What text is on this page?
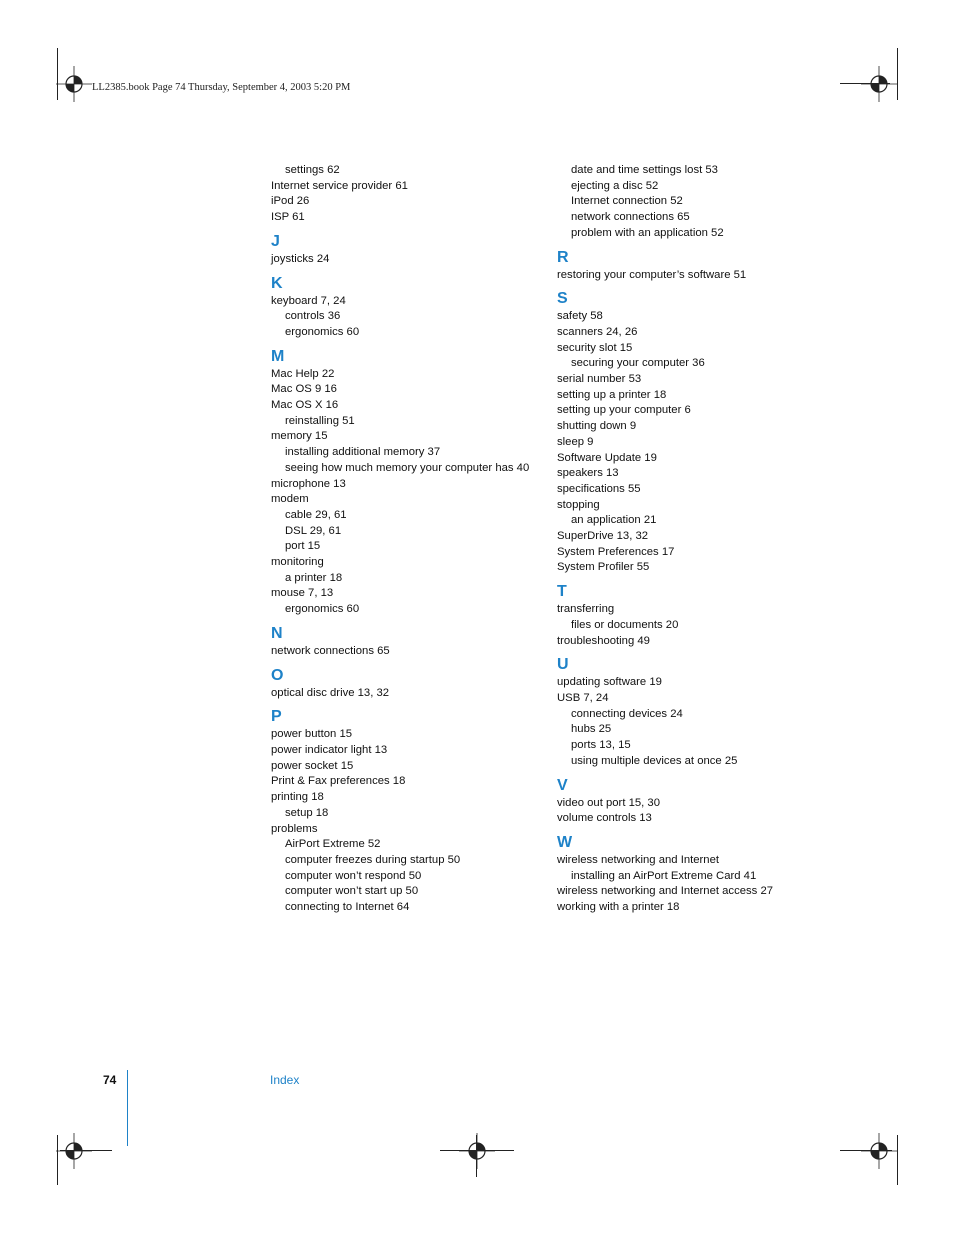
LL2385.book Page 74 Thursday, September 4, 2003 5:20 PM
settings 62
Internet service provider 61
iPod 26
ISP 61
J
joysticks 24
K
keyboard 7, 24
controls 36
ergonomics 60
M
Mac Help 22
Mac OS 9 16
Mac OS X 16
reinstalling 51
memory 15
installing additional memory 37
seeing how much memory your computer has 40
microphone 13
modem
cable 29, 61
DSL 29, 61
port 15
monitoring
a printer 18
mouse 7, 13
ergonomics 60
N
network connections 65
O
optical disc drive 13, 32
P
power button 15
power indicator light 13
power socket 15
Print & Fax preferences 18
printing 18
setup 18
problems
AirPort Extreme 52
computer freezes during startup 50
computer won’t respond 50
computer won’t start up 50
connecting to Internet 64
date and time settings lost 53
ejecting a disc 52
Internet connection 52
network connections 65
problem with an application 52
R
restoring your computer’s software 51
S
safety 58
scanners 24, 26
security slot 15
securing your computer 36
serial number 53
setting up a printer 18
setting up your computer 6
shutting down 9
sleep 9
Software Update 19
speakers 13
specifications 55
stopping
an application 21
SuperDrive 13, 32
System Preferences 17
System Profiler 55
T
transferring
files or documents 20
troubleshooting 49
U
updating software 19
USB 7, 24
connecting devices 24
hubs 25
ports 13, 15
using multiple devices at once 25
V
video out port 15, 30
volume controls 13
W
wireless networking and Internet
installing an AirPort Extreme Card 41
wireless networking and Internet access 27
working with a printer 18
74	Index
